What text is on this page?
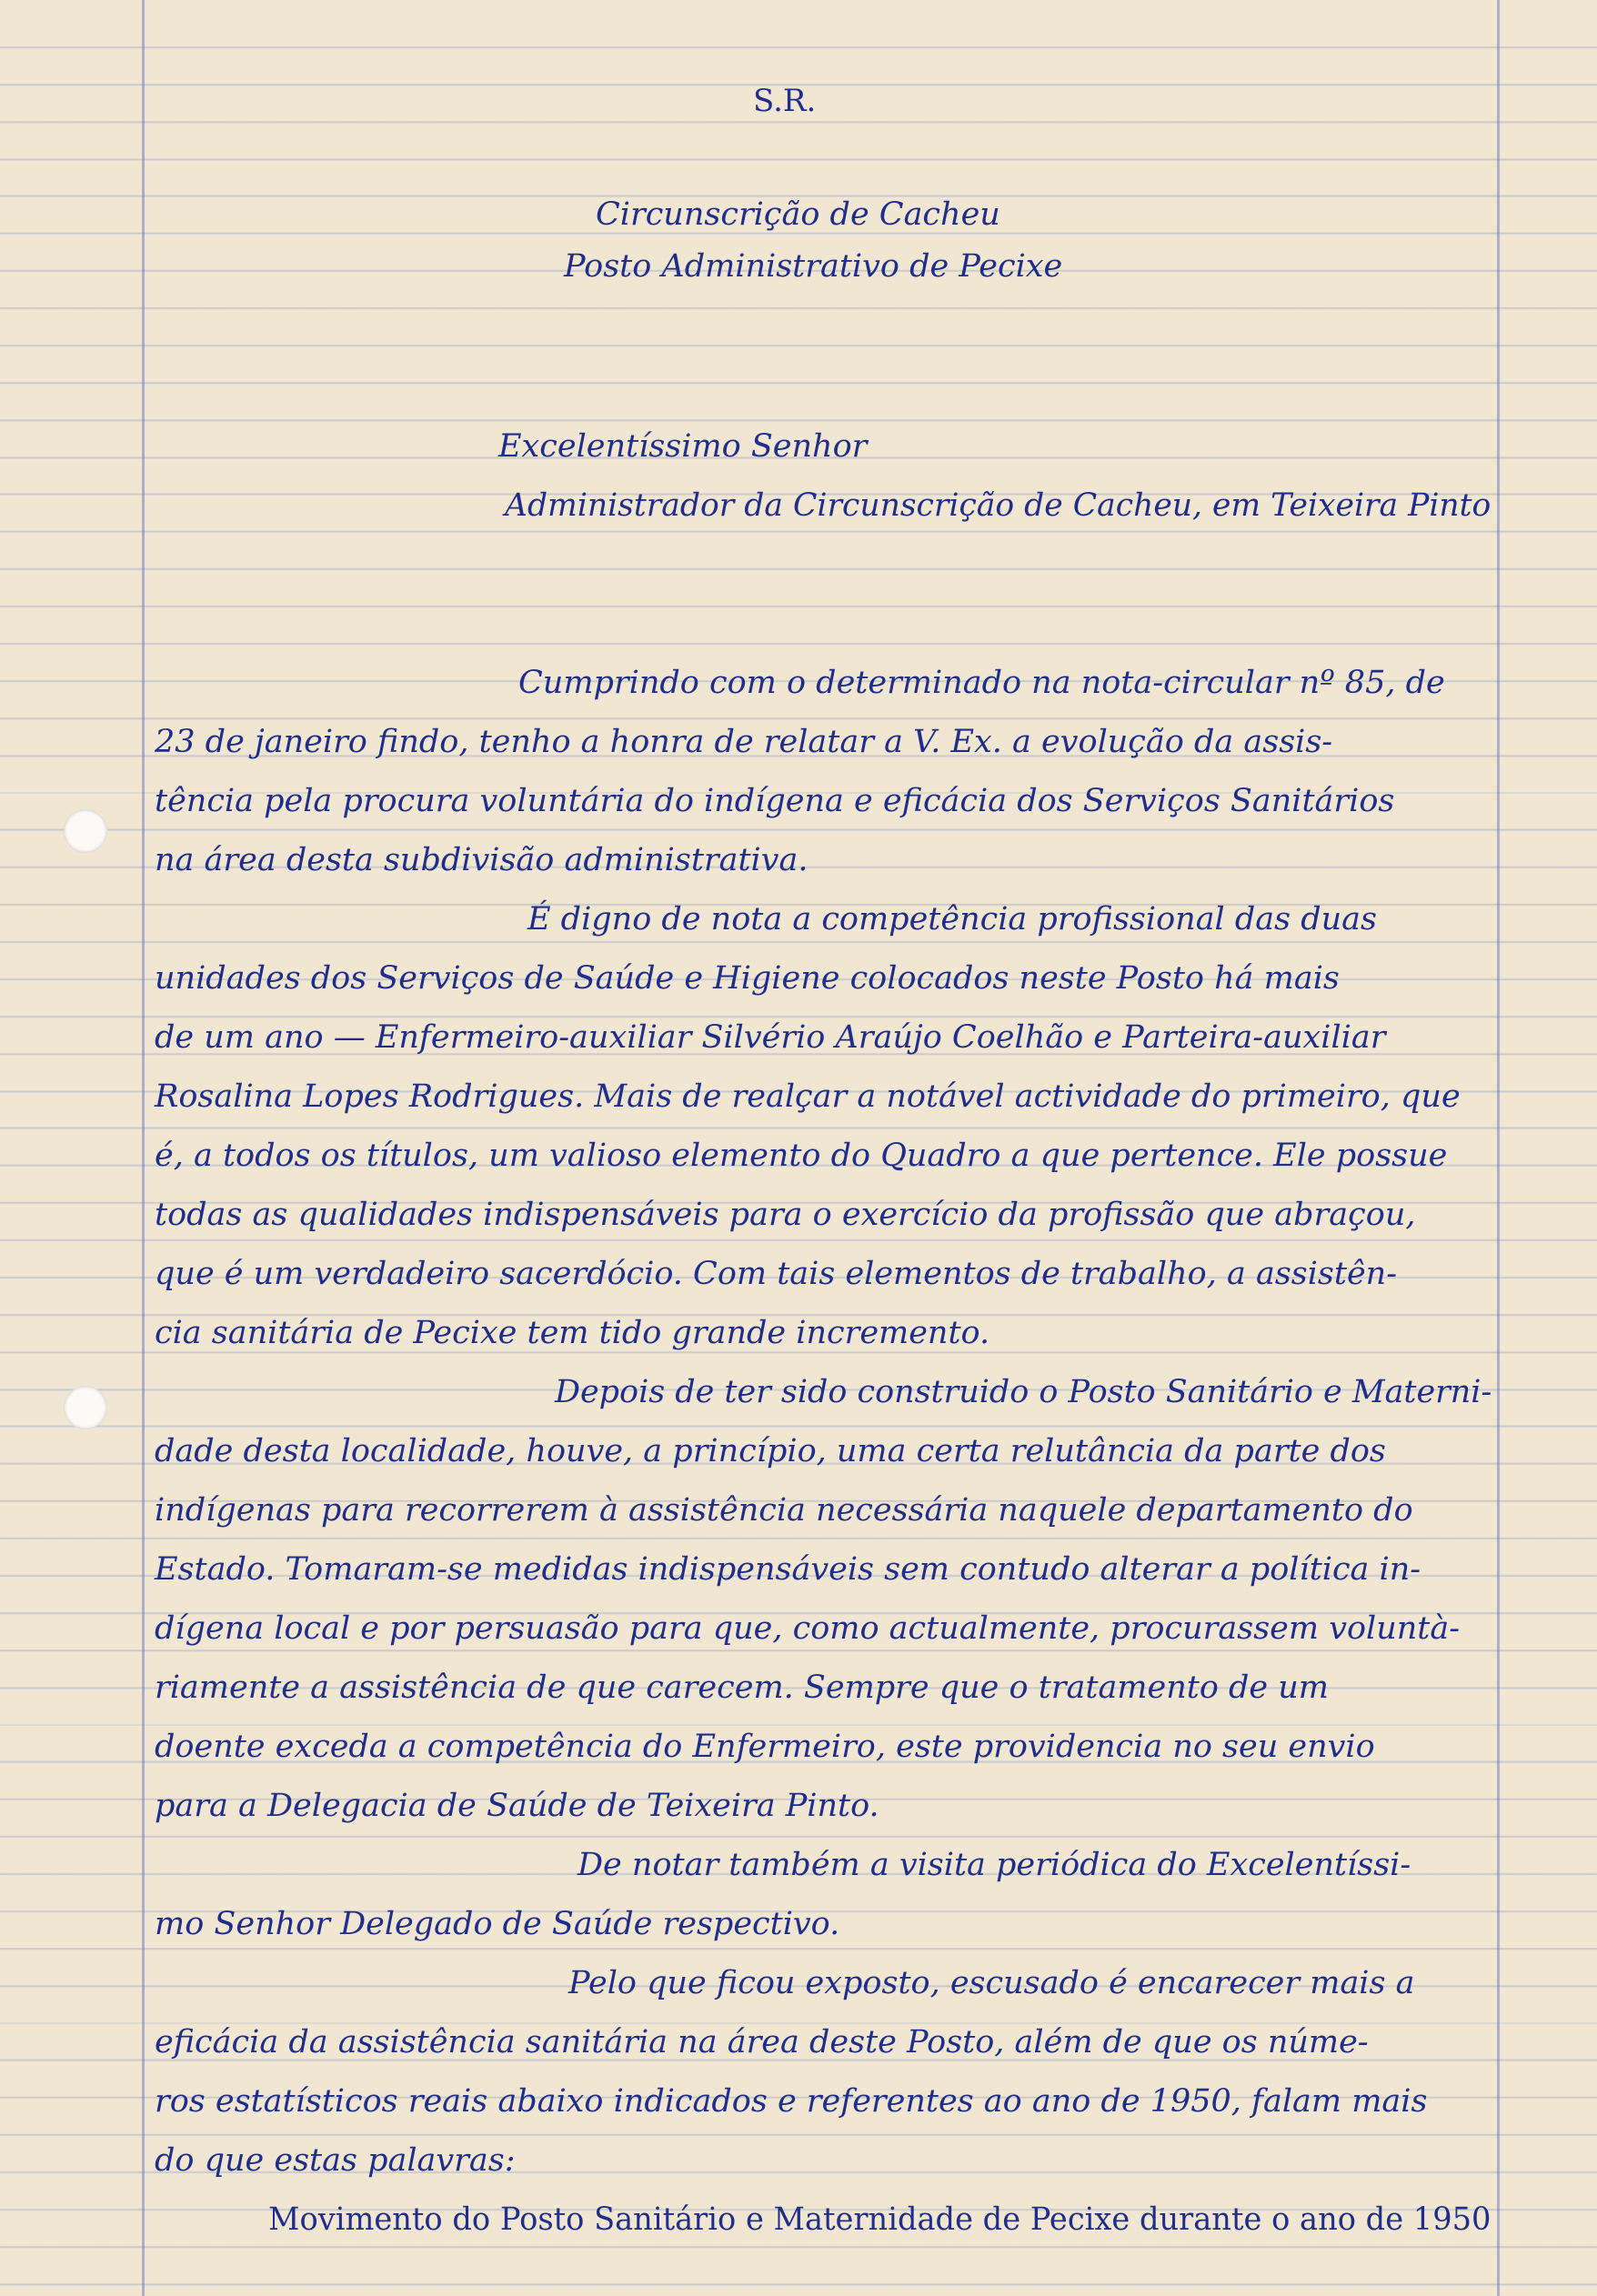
S.R.
Circunscrição de Cacheu
Posto Administrativo de Pecixe
Excelentíssimo Senhor
Administrador da Circunscrição de Cacheu, em Teixeira Pinto
Cumprindo com o determinado na nota-circular nº 85, de
23 de janeiro findo, tenho a honra de relatar a V. Ex. a evolução da assis-
tência pela procura voluntária do indígena e eficácia dos Serviços Sanitários
na área desta subdivisão administrativa.
É digno de nota a competência profissional das duas
unidades dos Serviços de Saúde e Higiene colocados neste Posto há mais
de um ano — Enfermeiro-auxiliar Silvério Araújo Coelhão e Parteira-auxiliar
Rosalina Lopes Rodrigues. Mais de realçar a notável actividade do primeiro, que
é, a todos os títulos, um valioso elemento do Quadro a que pertence. Ele possue
todas as qualidades indispensáveis para o exercício da profissão que abraçou,
que é um verdadeiro sacerdócio. Com tais elementos de trabalho, a assistên-
cia sanitária de Pecixe tem tido grande incremento.
Depois de ter sido construido o Posto Sanitário e Materni-
dade desta localidade, houve, a princípio, uma certa relutância da parte dos
indígenas para recorrerem à assistência necessária naquele departamento do
Estado. Tomaram-se medidas indispensáveis sem contudo alterar a política in-
dígena local e por persuasão para que, como actualmente, procurassem voluntà-
riamente a assistência de que carecem. Sempre que o tratamento de um
doente exceda a competência do Enfermeiro, este providencia no seu envio
para a Delegacia de Saúde de Teixeira Pinto.
De notar também a visita periódica do Excelentíssi-
mo Senhor Delegado de Saúde respectivo.
Pelo que ficou exposto, escusado é encarecer mais a
eficácia da assistência sanitária na área deste Posto, além de que os núme-
ros estatísticos reais abaixo indicados e referentes ao ano de 1950, falam mais
do que estas palavras:
Movimento do Posto Sanitário e Maternidade de Pecixe durante o ano de 1950
